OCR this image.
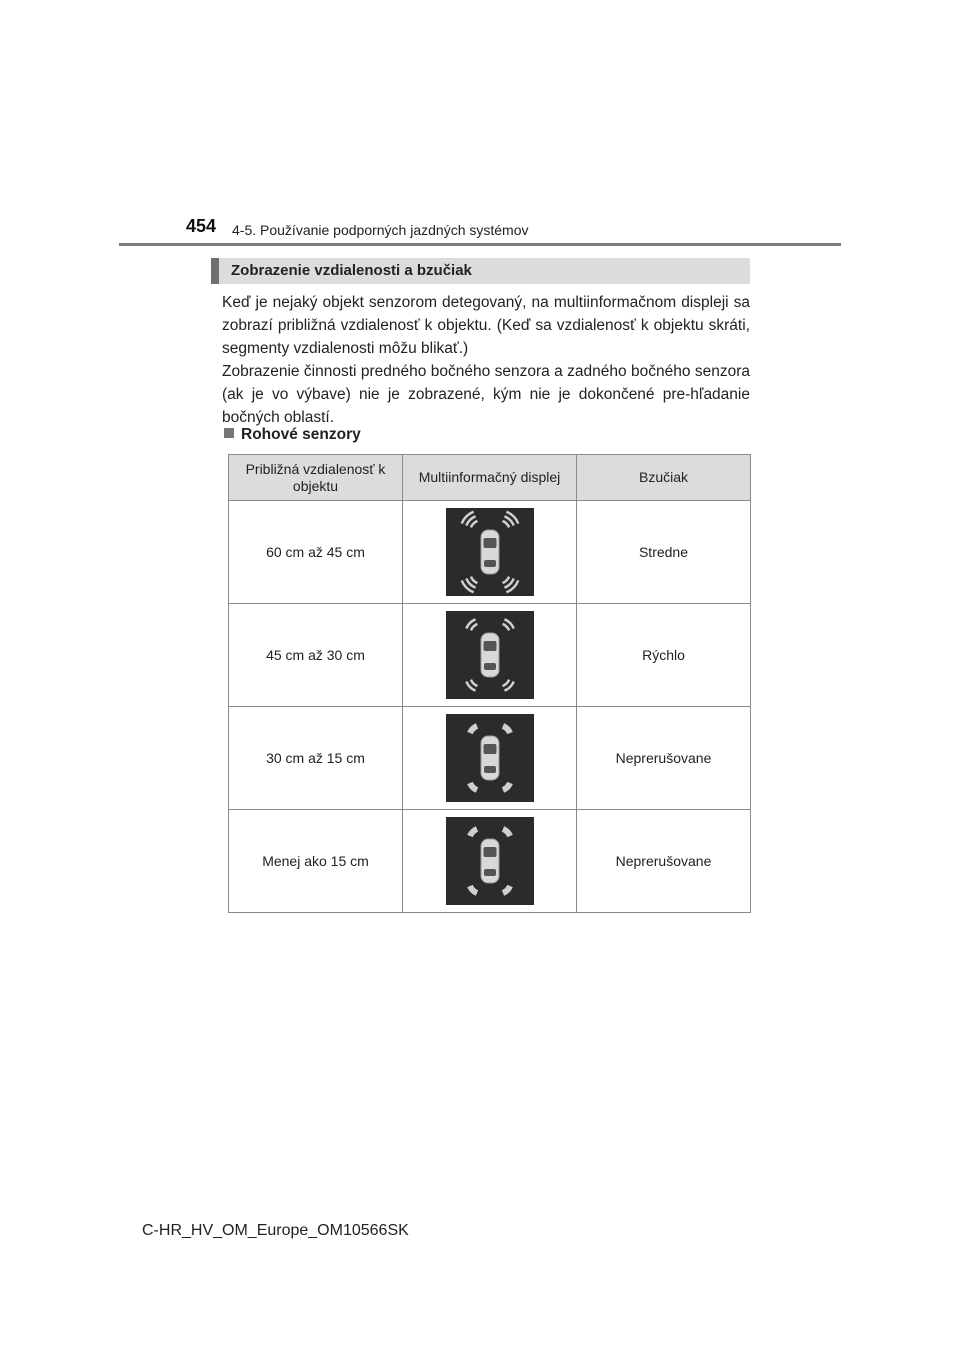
454 4-5. Používanie podporných jazdných systémov
Zobrazenie vzdialenosti a bzučiak

Keď je nejaký objekt senzorom detegovaný, na multiinformačnom displeji sa zobrazí približná vzdialenosť k objektu. (Keď sa vzdialenosť k objektu skráti, segmenty vzdialenosti môžu blikať.)

Zobrazenie činnosti predného bočného senzora a zadného bočného senzora (ak je vo výbave) nie je zobrazené, kým nie je dokončené pre-hľadanie bočných oblastí.

Rohové senzory
Približná vzdialenosť k objektu	Multiinformačný displej	Bzučiak
60 cm až 45 cm		Stredne
45 cm až 30 cm		Rýchlo
30 cm až 15 cm		Neprerušovane
Menej ako 15 cm		Neprerušovane
C-HR_HV_OM_Europe_OM10566SK
